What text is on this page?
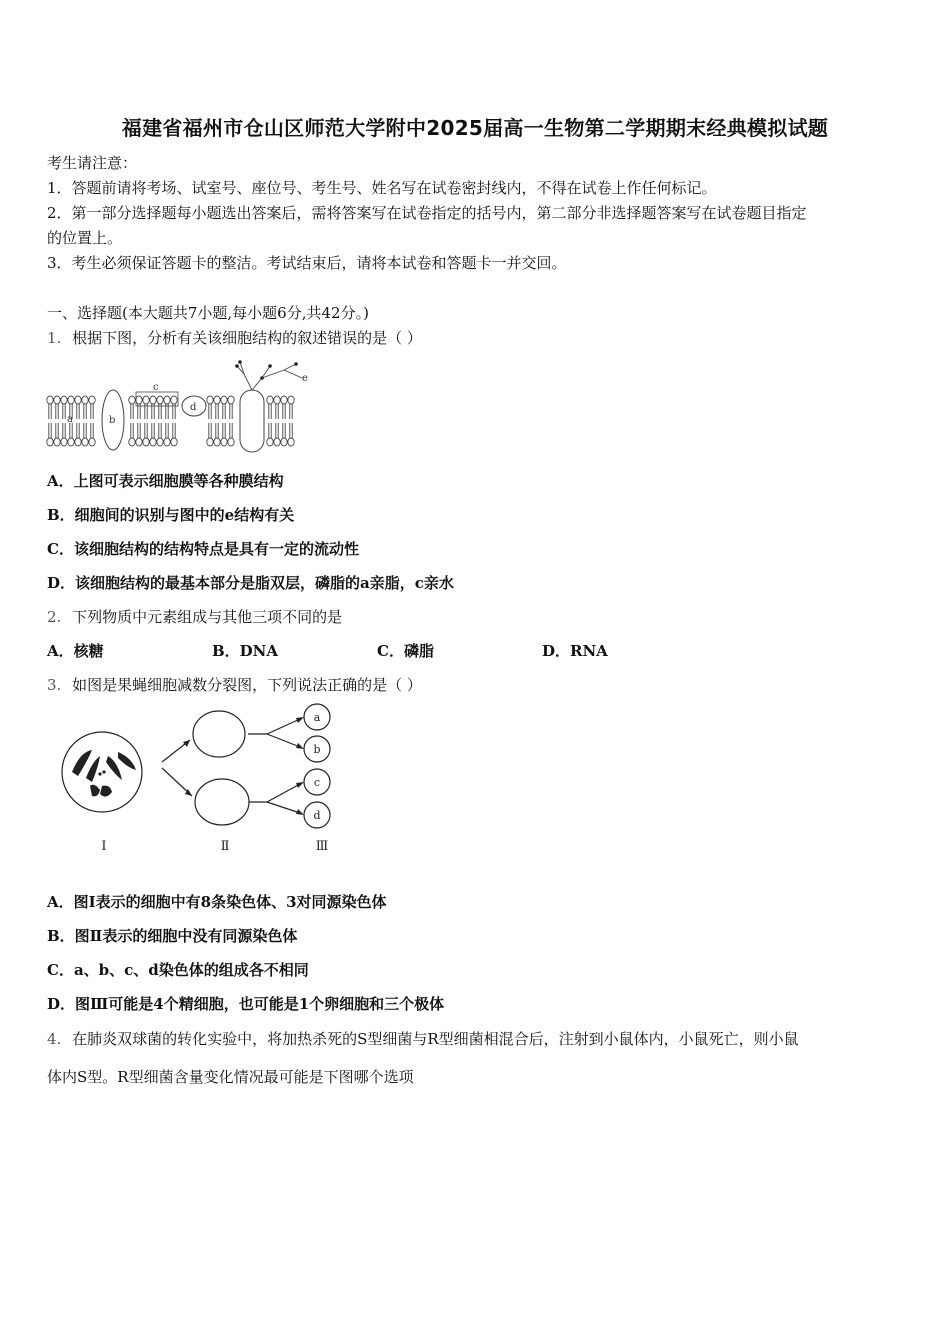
福建省福州市仓山区师范大学附中2025届高一生物第二学期期末经典模拟试题
考生请注意：
1．答题前请将考场、试室号、座位号、考生号、姓名写在试卷密封线内，不得在试卷上作任何标记。
2．第一部分选择题每小题选出答案后，需将答案写在试卷指定的括号内，第二部分非选择题答案写在试卷题目指定
的位置上。
3．考生必须保证答题卡的整洁。考试结束后，请将本试卷和答题卡一并交回。
一、选择题(本大题共7小题,每小题6分,共42分。)
1. 根据下图，分析有关该细胞结构的叙述错误的是（ ）
a	b
c
d
e
A．上图可表示细胞膜等各种膜结构
B．细胞间的识别与图中的e结构有关
C．该细胞结构的结构特点是具有一定的流动性
D．该细胞结构的最基本部分是脂双层，磷脂的a亲脂，c亲水
2. 下列物质中元素组成与其他三项不同的是
A．核糖	B．DNA	C．磷脂	D．RNA
3. 如图是果蝇细胞减数分裂图，下列说法正确的是（ ）
a
b
c
d
Ⅰ	Ⅱ	Ⅲ
A．图Ⅰ表示的细胞中有8条染色体、3对同源染色体
B．图Ⅱ表示的细胞中没有同源染色体
C．a、b、c、d染色体的组成各不相同
D．图Ⅲ可能是4个精细胞，也可能是1个卵细胞和三个极体
4. 在肺炎双球菌的转化实验中，将加热杀死的S型细菌与R型细菌相混合后，注射到小鼠体内，小鼠死亡，则小鼠
体内S型。R型细菌含量变化情况最可能是下图哪个选项
